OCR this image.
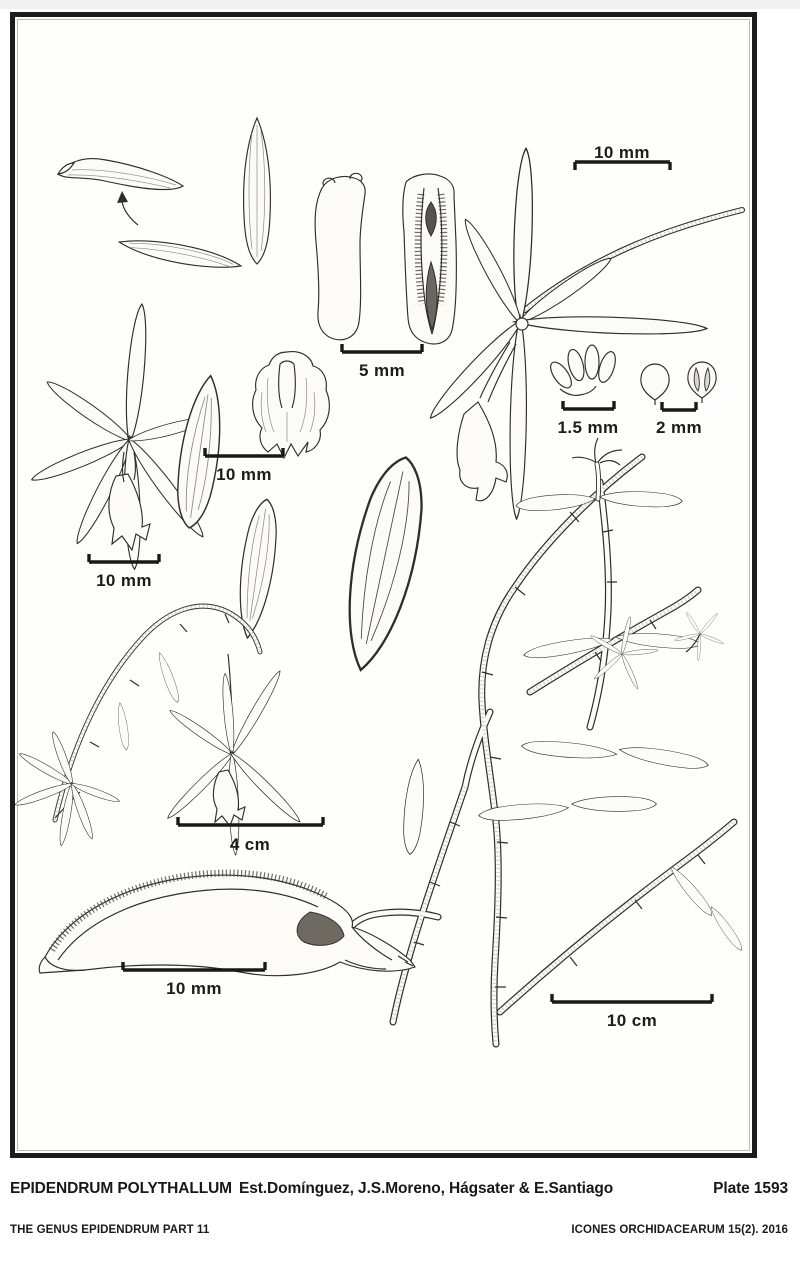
10 mm
5 mm
10 mm
10 mm
1.5 mm 2 mm
4 cm
10 mm
10 cm
EPIDENDRUM POLYTHALLUM Est.Domínguez, J.S.Moreno, Hágsater & E.Santiago	Plate 1593
THE GENUS EPIDENDRUM PART 11	ICONES ORCHIDACEARUM 15(2). 2016
